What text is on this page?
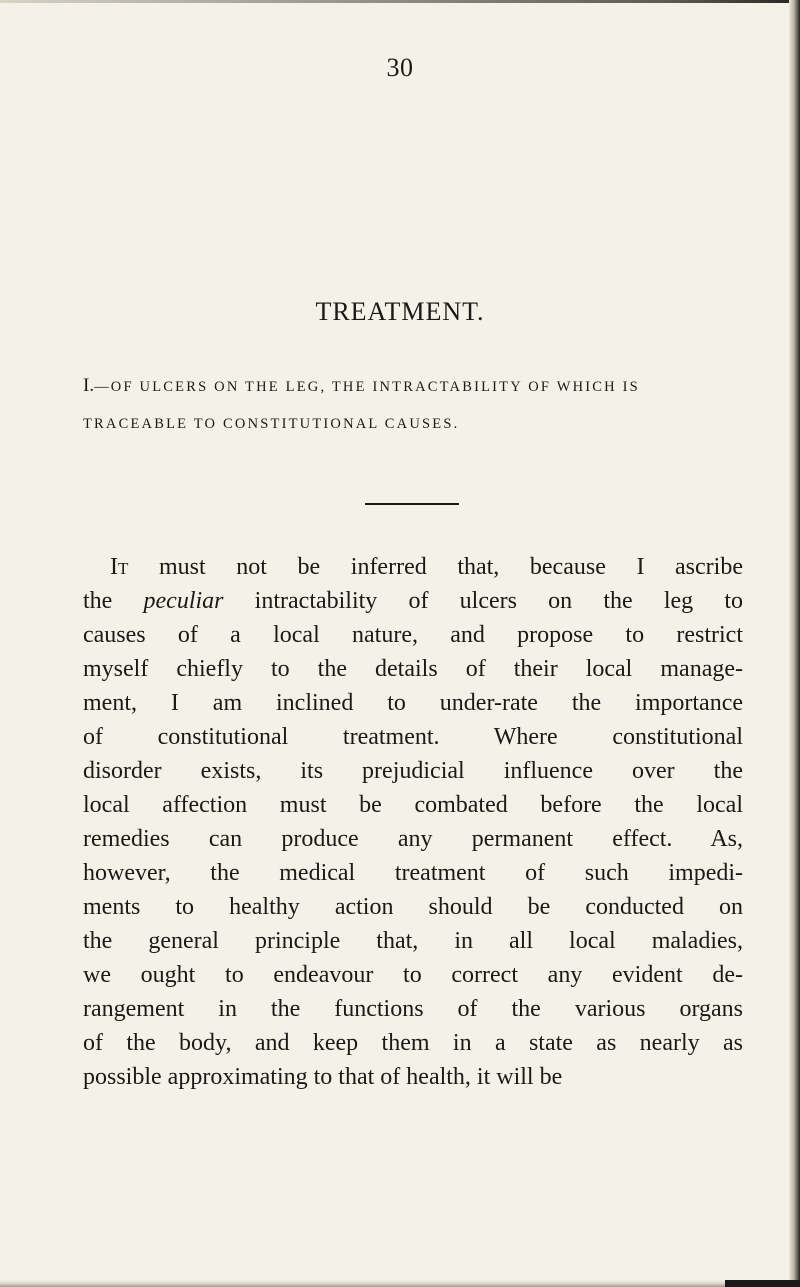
30
TREATMENT.
I.—OF ULCERS ON THE LEG, THE INTRACTABILITY OF WHICH IS TRACEABLE TO CONSTITUTIONAL CAUSES.

It must not be inferred that, because I ascribe
the peculiar intractability of ulcers on the leg to
causes of a local nature, and propose to restrict
myself chiefly to the details of their local manage-
ment, I am inclined to under-rate the importance
of constitutional treatment. Where constitutional
disorder exists, its prejudicial influence over the
local affection must be combated before the local
remedies can produce any permanent effect. As,
however, the medical treatment of such impedi-
ments to healthy action should be conducted on
the general principle that, in all local maladies,
we ought to endeavour to correct any evident de-
rangement in the functions of the various organs
of the body, and keep them in a state as nearly as
possible approximating to that of health, it will be
